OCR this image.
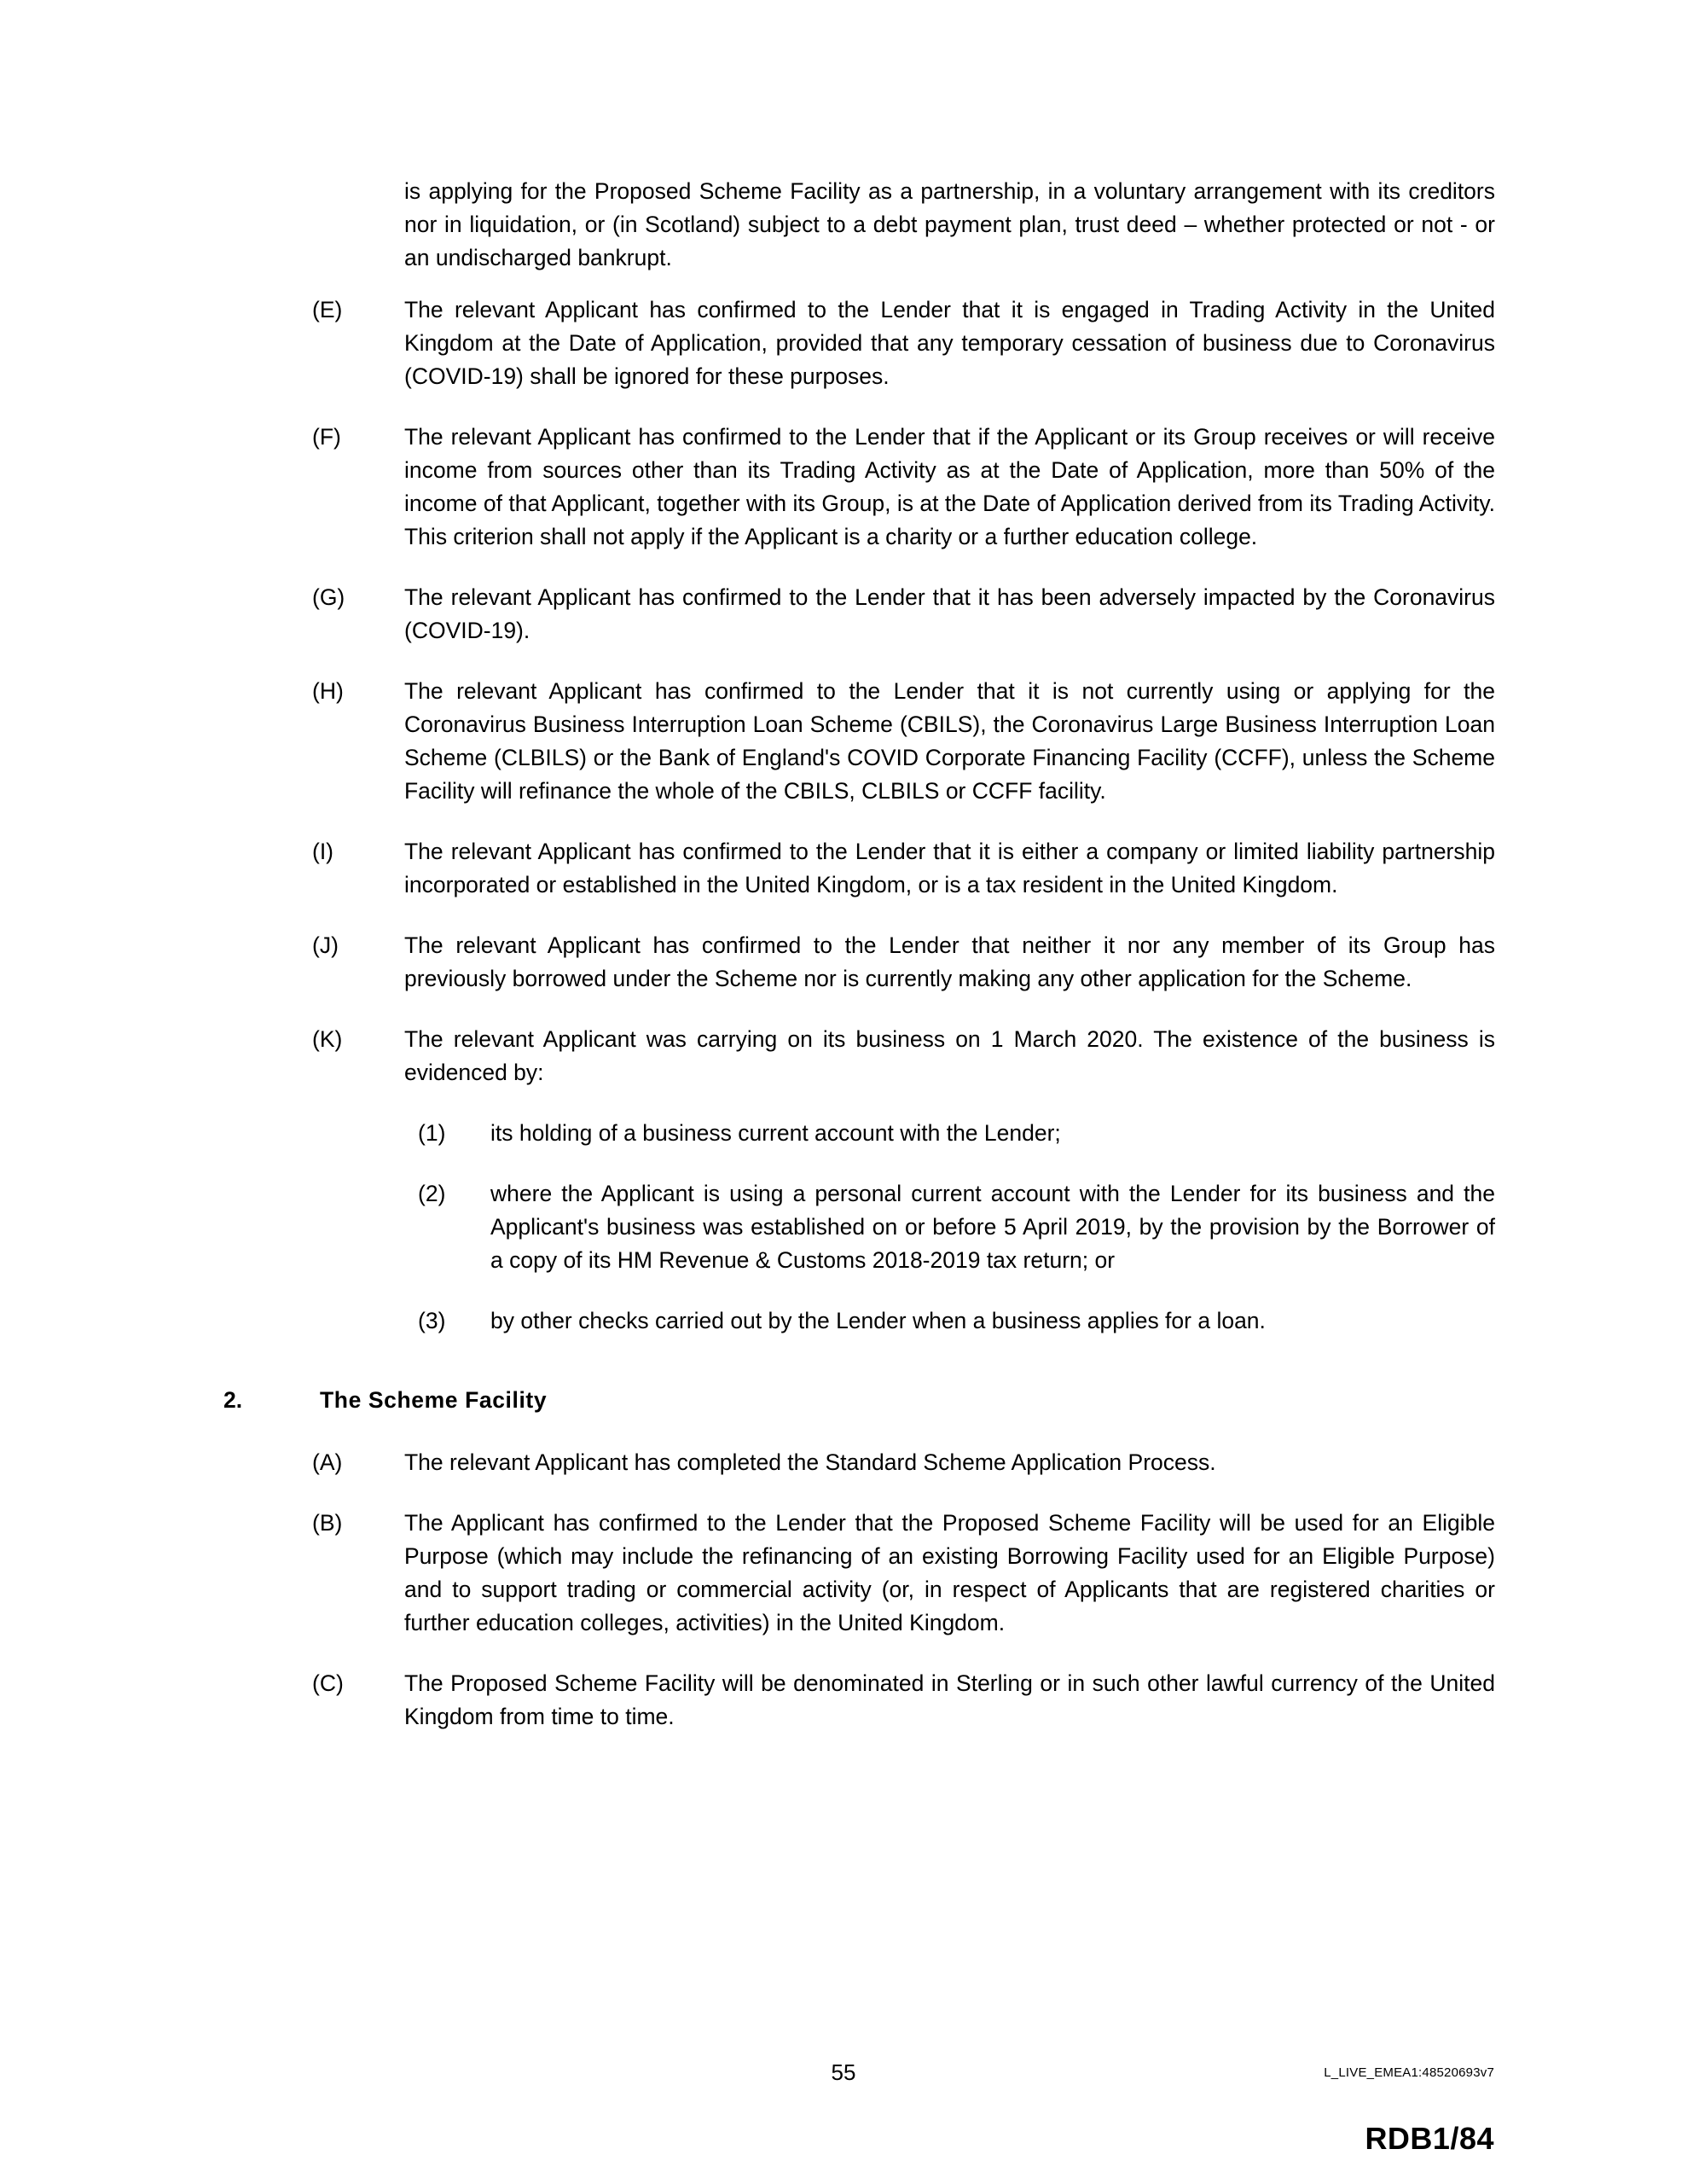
is applying for the Proposed Scheme Facility as a partnership, in a voluntary arrangement with its creditors nor in liquidation, or (in Scotland) subject to a debt payment plan, trust deed – whether protected or not - or an undischarged bankrupt.
(E)	The relevant Applicant has confirmed to the Lender that it is engaged in Trading Activity in the United Kingdom at the Date of Application, provided that any temporary cessation of business due to Coronavirus (COVID-19) shall be ignored for these purposes.
(F)	The relevant Applicant has confirmed to the Lender that if the Applicant or its Group receives or will receive income from sources other than its Trading Activity as at the Date of Application, more than 50% of the income of that Applicant, together with its Group, is at the Date of Application derived from its Trading Activity. This criterion shall not apply if the Applicant is a charity or a further education college.
(G)	The relevant Applicant has confirmed to the Lender that it has been adversely impacted by the Coronavirus (COVID-19).
(H)	The relevant Applicant has confirmed to the Lender that it is not currently using or applying for the Coronavirus Business Interruption Loan Scheme (CBILS), the Coronavirus Large Business Interruption Loan Scheme (CLBILS) or the Bank of England's COVID Corporate Financing Facility (CCFF), unless the Scheme Facility will refinance the whole of the CBILS, CLBILS or CCFF facility.
(I)	The relevant Applicant has confirmed to the Lender that it is either a company or limited liability partnership incorporated or established in the United Kingdom, or is a tax resident in the United Kingdom.
(J)	The relevant Applicant has confirmed to the Lender that neither it nor any member of its Group has previously borrowed under the Scheme nor is currently making any other application for the Scheme.
(K)	The relevant Applicant was carrying on its business on 1 March 2020. The existence of the business is evidenced by:
(1)	its holding of a business current account with the Lender;
(2)	where the Applicant is using a personal current account with the Lender for its business and the Applicant's business was established on or before 5 April 2019, by the provision by the Borrower of a copy of its HM Revenue & Customs 2018-2019 tax return; or
(3)	by other checks carried out by the Lender when a business applies for a loan.
2.	The Scheme Facility
(A)	The relevant Applicant has completed the Standard Scheme Application Process.
(B)	The Applicant has confirmed to the Lender that the Proposed Scheme Facility will be used for an Eligible Purpose (which may include the refinancing of an existing Borrowing Facility used for an Eligible Purpose) and to support trading or commercial activity (or, in respect of Applicants that are registered charities or further education colleges, activities) in the United Kingdom.
(C)	The Proposed Scheme Facility will be denominated in Sterling or in such other lawful currency of the United Kingdom from time to time.
55	L_LIVE_EMEA1:48520693v7
RDB1/84
